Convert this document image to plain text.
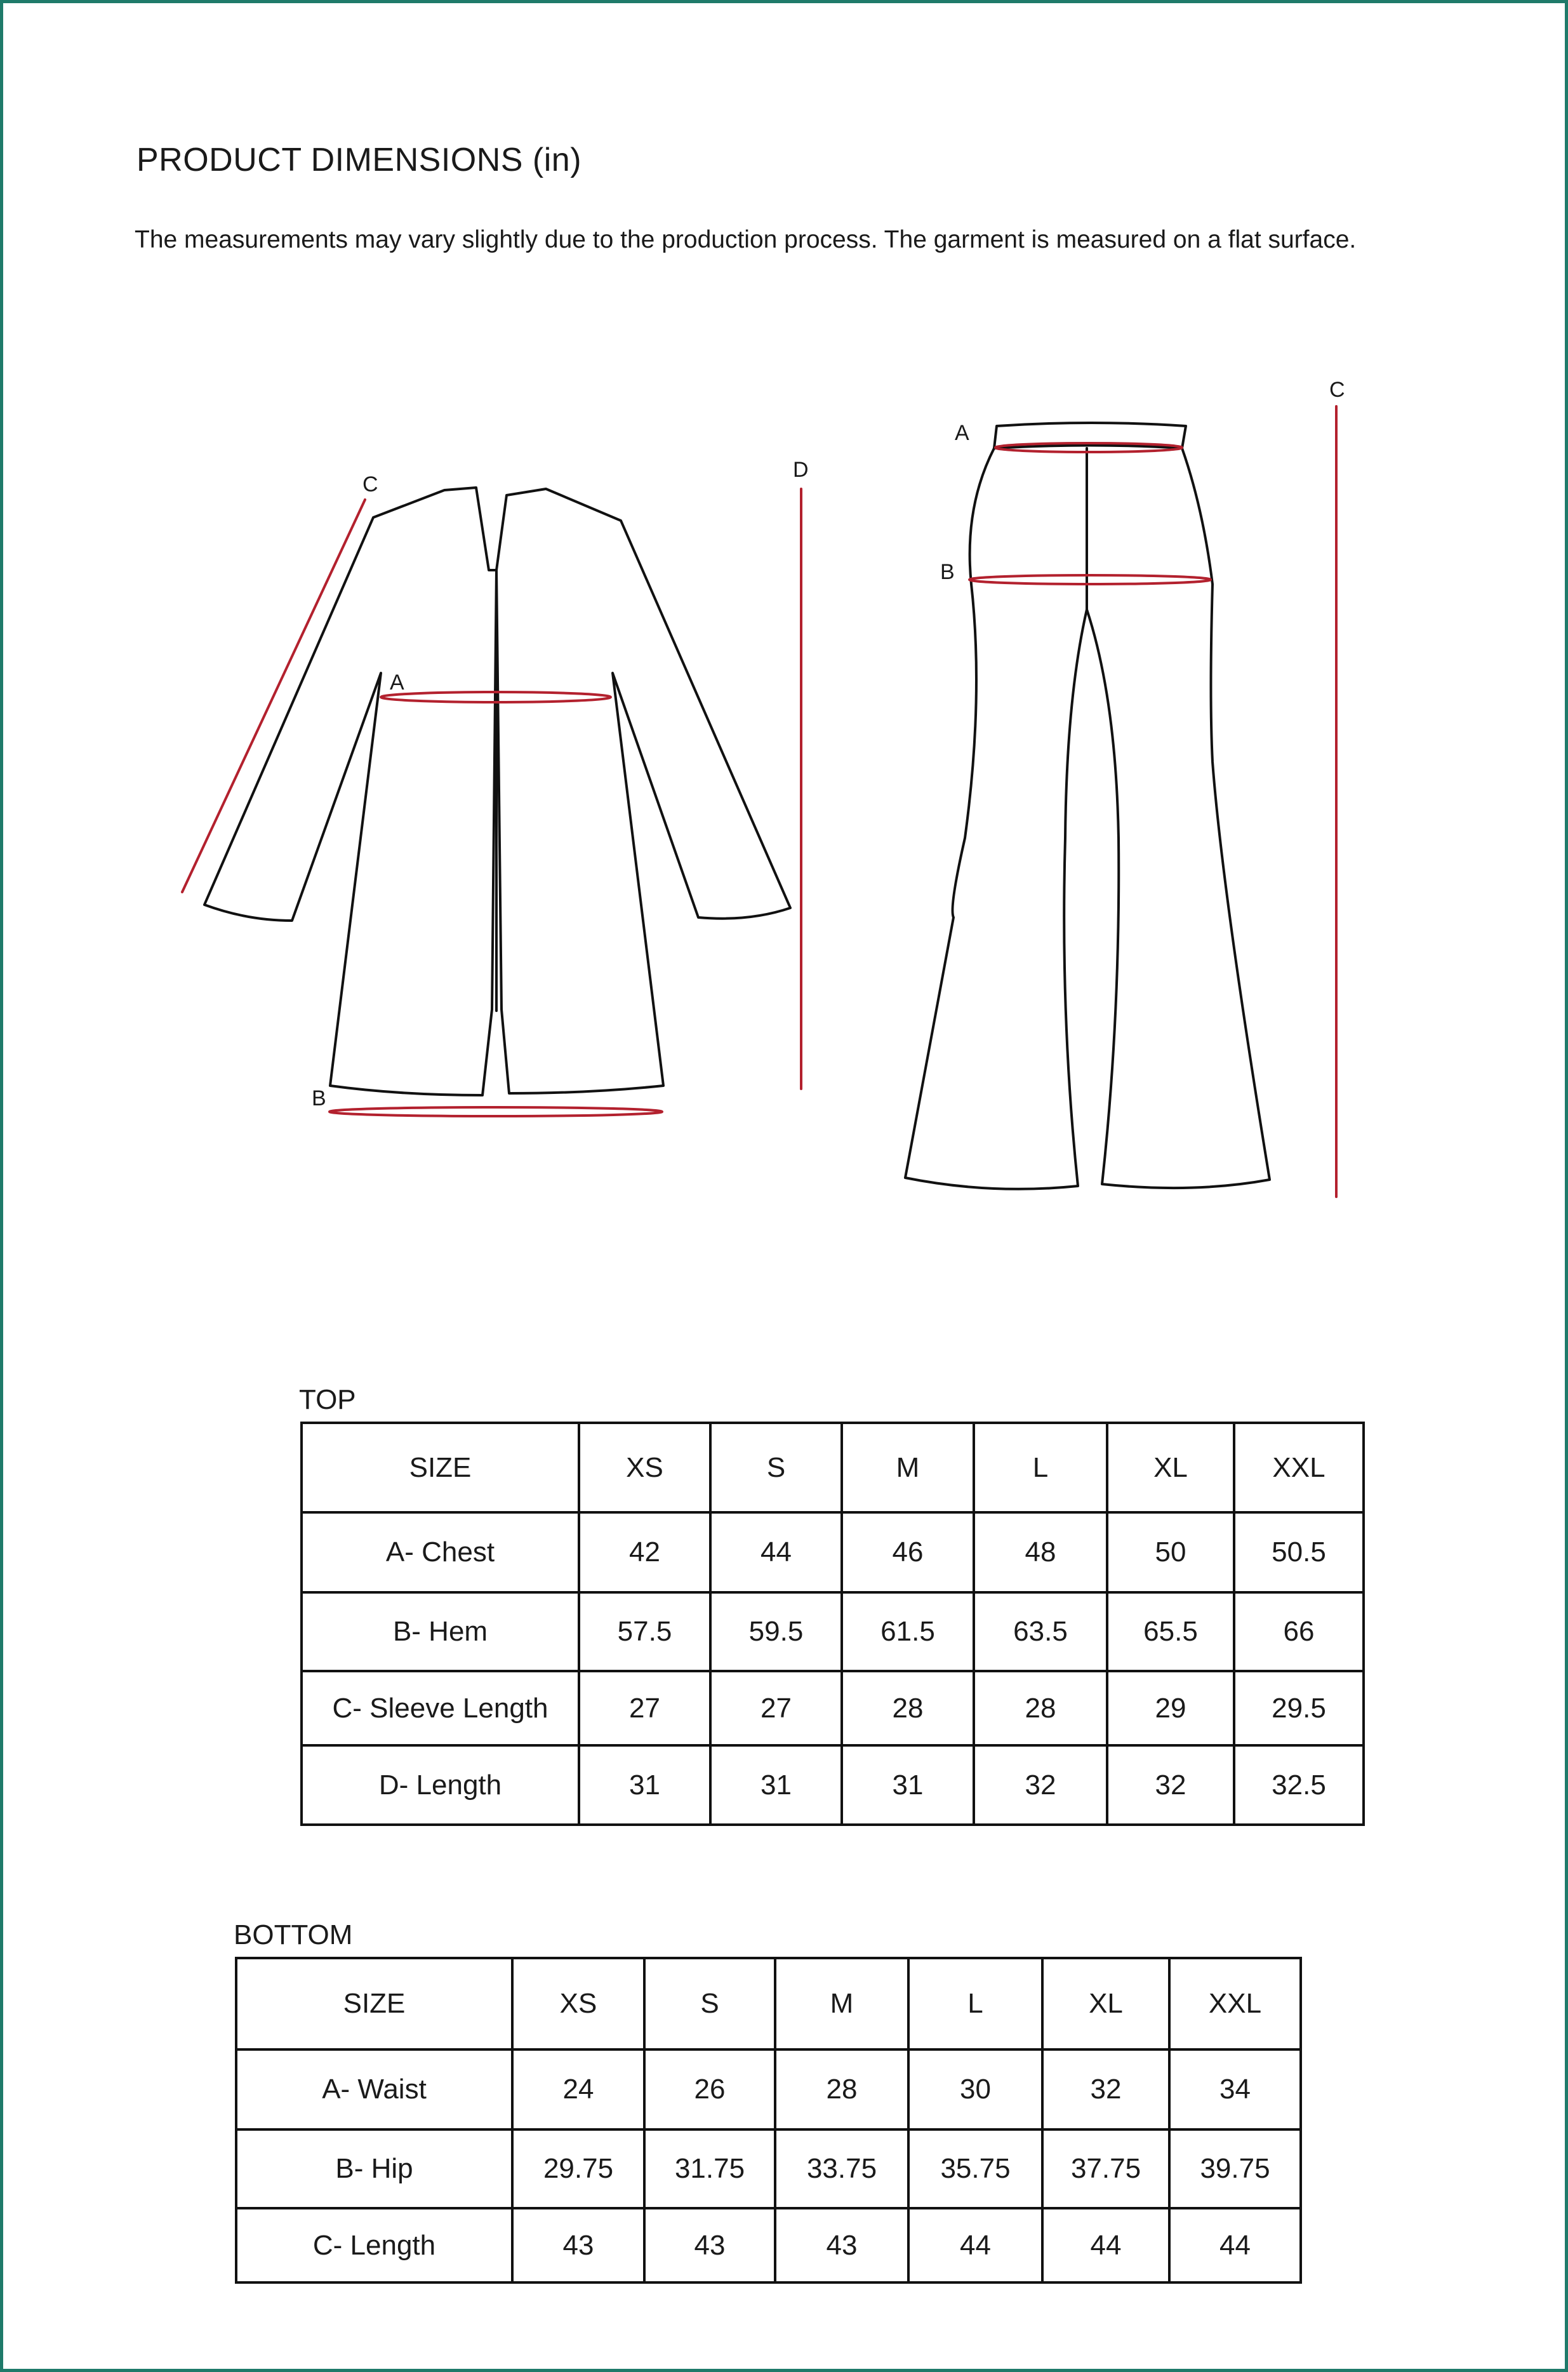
PRODUCT DIMENSIONS (in)
The measurements may vary slightly due to the production process. The garment is measured on a flat surface.
C
A
B
D
A
B
C
TOP
SIZE	XS	S	M	L	XL	XXL
A- Chest	42	44	46	48	50	50.5
B- Hem	57.5	59.5	61.5	63.5	65.5	66
C- Sleeve Length	27	27	28	28	29	29.5
D- Length	31	31	31	32	32	32.5
BOTTOM
SIZE	XS	S	M	L	XL	XXL
A- Waist	24	26	28	30	32	34
B- Hip	29.75	31.75	33.75	35.75	37.75	39.75
C- Length	43	43	43	44	44	44
